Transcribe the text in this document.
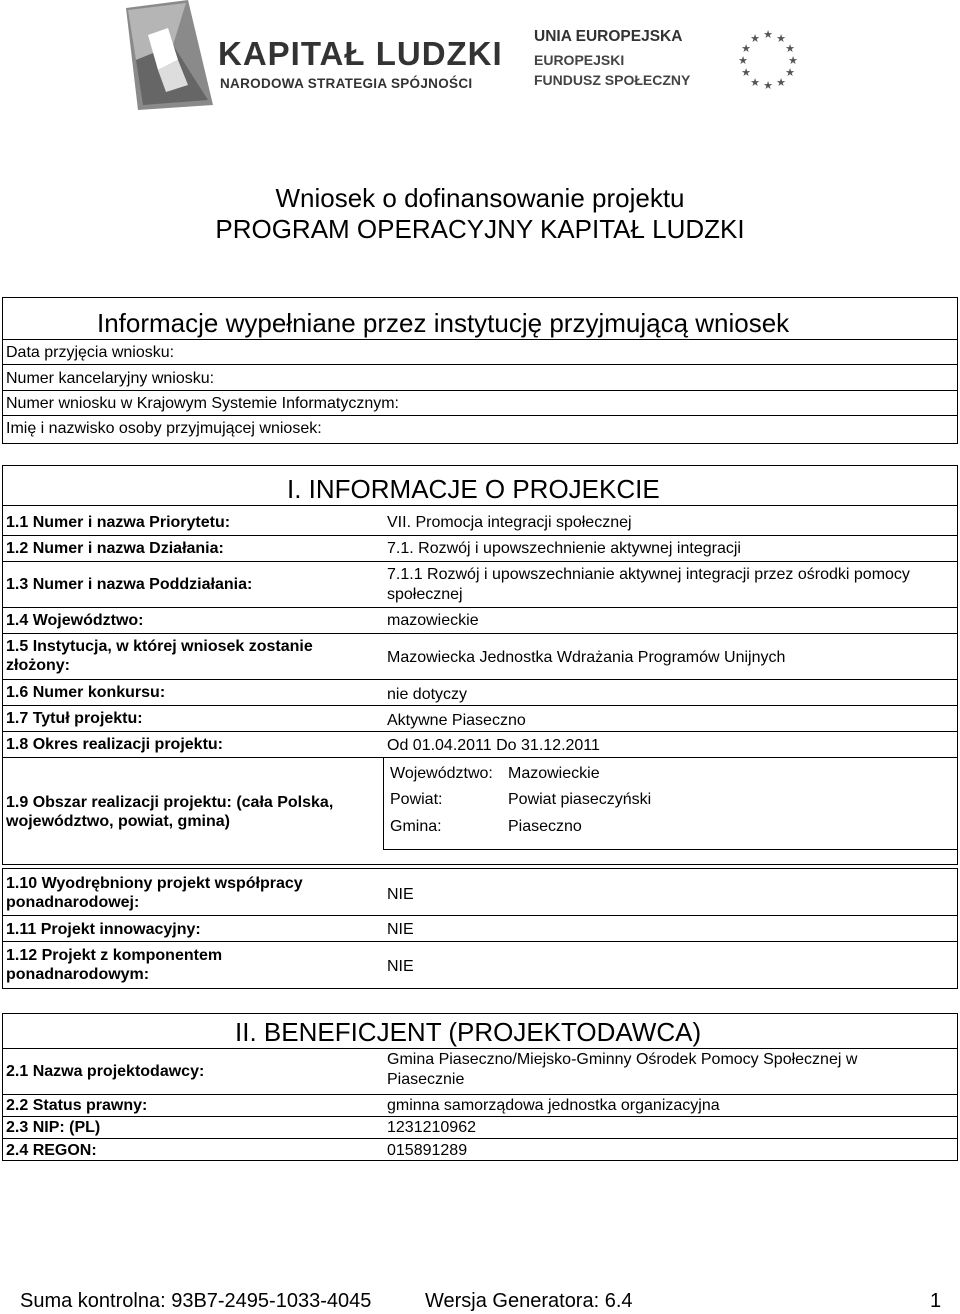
KAPITAŁ LUDZKI
NARODOWA STRATEGIA SPÓJNOŚCI
UNIA EUROPEJSKA
EUROPEJSKI
FUNDUSZ SPOŁECZNY
★ ★
★
★
★
★
★
★
★
★
★
★
Wniosek o dofinansowanie projektu
PROGRAM OPERACYJNY KAPITAŁ LUDZKI
Informacje wypełniane przez instytucję przyjmującą wniosek
Data przyjęcia wniosku:
Numer kancelaryjny wniosku:
Numer wniosku w Krajowym Systemie Informatycznym:
Imię i nazwisko osoby przyjmującej wniosek:
I. INFORMACJE O PROJEKCIE
1.1 Numer i nazwa Priorytetu:	VII. Promocja integracji społecznej
1.2 Numer i nazwa Działania:	7.1. Rozwój i upowszechnienie aktywnej integracji
1.3 Numer i nazwa Poddziałania:
7.1.1 Rozwój i upowszechnianie aktywnej integracji przez ośrodki pomocy społecznej
1.4 Województwo:	mazowieckie
1.5 Instytucja, w której wniosek zostanie złożony:	Mazowiecka Jednostka Wdrażania Programów Unijnych
1.6 Numer konkursu:	nie dotyczy
1.7 Tytuł projektu:	Aktywne Piaseczno
1.8 Okres realizacji projektu:	Od 01.04.2011 Do 31.12.2011
1.9 Obszar realizacji projektu: (cała Polska, województwo, powiat, gmina)
Województwo: Mazowieckie
Powiat:	Powiat piaseczyński
Gmina:	Piaseczno
1.10 Wyodrębniony projekt współpracy ponadnarodowej:	NIE
1.11 Projekt innowacyjny:	NIE
1.12 Projekt z komponentem ponadnarodowym:	NIE
II. BENEFICJENT (PROJEKTODAWCA)
2.1 Nazwa projektodawcy:
Gmina Piaseczno/Miejsko-Gminny Ośrodek Pomocy Społecznej w Piasecznie
2.2 Status prawny:	gminna samorządowa jednostka organizacyjna
2.3 NIP: (PL)	1231210962
2.4 REGON:	015891289
Suma kontrolna: 93B7-2495-1033-4045	Wersja Generatora: 6.4	1
